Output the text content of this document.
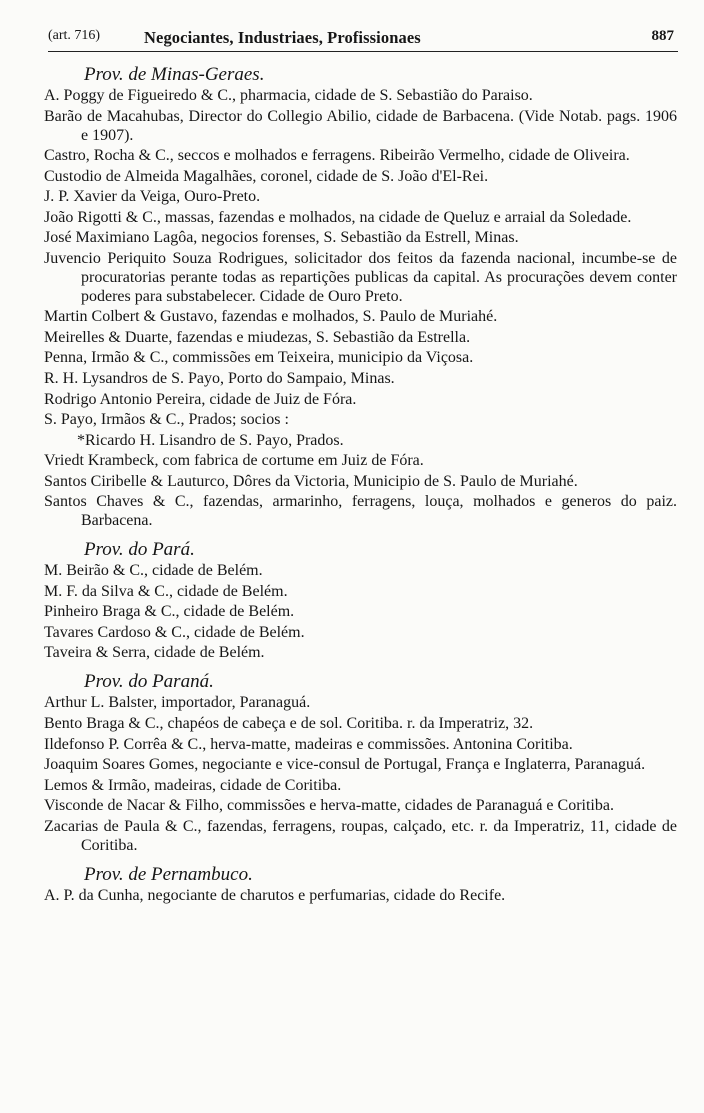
(art. 716)	Negociantes, Industriaes, Profissionaes	887

Prov. de Minas-Geraes.

A. Poggy de Figueiredo & C., pharmacia, cidade de S. Sebastião do Paraiso.

Barão de Macahubas, Director do Collegio Abilio, cidade de Barbacena. (Vide Notab. pags. 1906 e 1907).

Castro, Rocha & C., seccos e molhados e ferragens. Ribeirão Vermelho, cidade de Oliveira.

Custodio de Almeida Magalhães, coronel, cidade de S. João d'El-Rei.

J. P. Xavier da Veiga, Ouro-Preto.

João Rigotti & C., massas, fazendas e molhados, na cidade de Queluz e arraial da Soledade.

José Maximiano Lagôa, negocios forenses, S. Sebastião da Estrell, Minas.

Juvencio Periquito Souza Rodrigues, solicitador dos feitos da fazenda nacional, incumbe-se de procuratorias perante todas as repartições publicas da capital. As procurações devem conter poderes para substabelecer. Cidade de Ouro Preto.

Martin Colbert & Gustavo, fazendas e molhados, S. Paulo de Muriahé.

Meirelles & Duarte, fazendas e miudezas, S. Sebastião da Estrella.

Penna, Irmão & C., commissões em Teixeira, municipio da Viçosa.

R. H. Lysandros de S. Payo, Porto do Sampaio, Minas.

Rodrigo Antonio Pereira, cidade de Juiz de Fóra.

S. Payo, Irmãos & C., Prados; socios :

*Ricardo H. Lisandro de S. Payo, Prados.

Vriedt Krambeck, com fabrica de cortume em Juiz de Fóra.

Santos Ciribelle & Lauturco, Dôres da Victoria, Municipio de S. Paulo de Muriahé.

Santos Chaves & C., fazendas, armarinho, ferragens, louça, molhados e generos do paiz. Barbacena.

Prov. do Pará.

M. Beirão & C., cidade de Belém.

M. F. da Silva & C., cidade de Belém.

Pinheiro Braga & C., cidade de Belém.

Tavares Cardoso & C., cidade de Belém.

Taveira & Serra, cidade de Belém.

Prov. do Paraná.

Arthur L. Balster, importador, Paranaguá.

Bento Braga & C., chapéos de cabeça e de sol. Coritiba. r. da Imperatriz, 32.

Ildefonso P. Corrêa & C., herva-matte, madeiras e commissões. Antonina Coritiba.

Joaquim Soares Gomes, negociante e vice-consul de Portugal, França e Inglaterra, Paranaguá.

Lemos & Irmão, madeiras, cidade de Coritiba.

Visconde de Nacar & Filho, commissões e herva-matte, cidades de Paranaguá e Coritiba.

Zacarias de Paula & C., fazendas, ferragens, roupas, calçado, etc. r. da Imperatriz, 11, cidade de Coritiba.

Prov. de Pernambuco.

A. P. da Cunha, negociante de charutos e perfumarias, cidade do Recife.
